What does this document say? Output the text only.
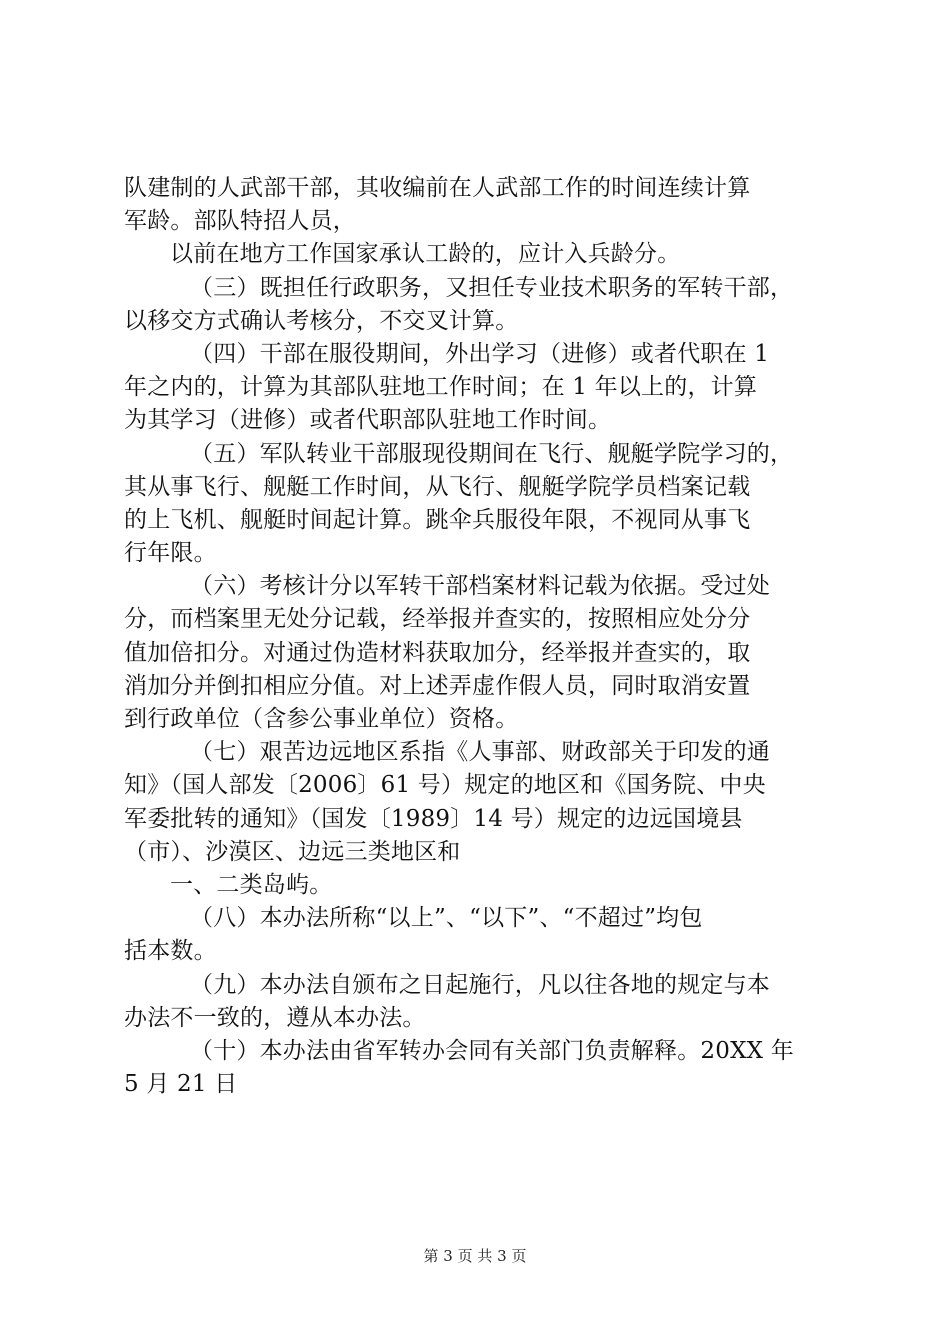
队建制的人武部干部，其收编前在人武部工作的时间连续计算
军龄。部队特招人员，
以前在地方工作国家承认工龄的，应计入兵龄分。
（三）既担任行政职务，又担任专业技术职务的军转干部，
以移交方式确认考核分，不交叉计算。
（四）干部在服役期间，外出学习（进修）或者代职在 1
年之内的，计算为其部队驻地工作时间；在 1 年以上的，计算
为其学习（进修）或者代职部队驻地工作时间。
（五）军队转业干部服现役期间在飞行、舰艇学院学习的，
其从事飞行、舰艇工作时间，从飞行、舰艇学院学员档案记载
的上飞机、舰艇时间起计算。跳伞兵服役年限，不视同从事飞
行年限。
（六）考核计分以军转干部档案材料记载为依据。受过处
分，而档案里无处分记载，经举报并查实的，按照相应处分分
值加倍扣分。对通过伪造材料获取加分，经举报并查实的，取
消加分并倒扣相应分值。对上述弄虚作假人员，同时取消安置
到行政单位（含参公事业单位）资格。
（七）艰苦边远地区系指《人事部、财政部关于印发的通
知》（国人部发〔2006〕61 号）规定的地区和《国务院、中央
军委批转的通知》（国发〔1989〕14 号）规定的边远国境县
（市）、沙漠区、边远三类地区和
一、二类岛屿。
（八）本办法所称“以上”、“以下”、“不超过”均包
括本数。
（九）本办法自颁布之日起施行，凡以往各地的规定与本
办法不一致的，遵从本办法。
（十）本办法由省军转办会同有关部门负责解释。20XX 年
5 月 21 日
第 3 页 共 3 页
